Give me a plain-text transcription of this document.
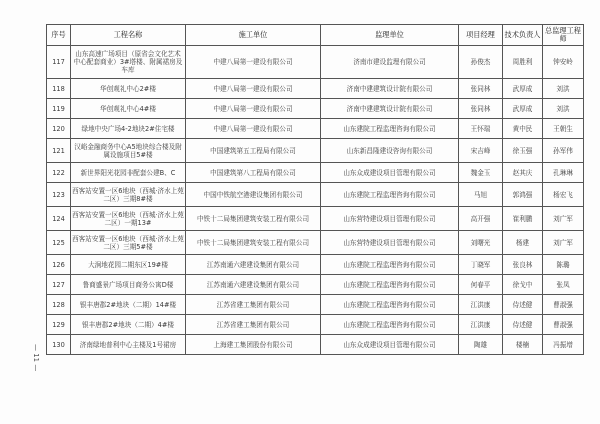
— 11 —
序号	工程名称	施工单位	监理单位	项目经理	技术负责人	总监理工程师
117	山东高速广场项目（原省会文化艺术中心配套商业）3#塔楼、附属裙房及车库	中建八局第一建设有限公司	济南市建设监理有限公司	孙俊杰	周胜利	钟安岭
118	华创观礼中心2#楼	中建八局第一建设有限公司	济南中建建筑设计院有限公司	张同林	武厚成	刘洪
119	华创观礼中心4#楼	中建八局第一建设有限公司	济南中建建筑设计院有限公司	张同林	武厚成	刘洪
120	绿地中央广场4-2地块2#住宅楼	中建八局第一建设有限公司	山东建院工程监理咨询有限公司	王怀瑞	黄中民	王朝生
121	汉峪金融商务中心A5地块综合楼及附属设施项目5#楼	中国建筑第五工程局有限公司	山东新昌隆建设咨询有限公司	宋吉峰	徐玉强	孙军伟
122	新世界阳光花园非配套公建B、C	中国建筑第八工程局有限公司	山东众成建设项目管理有限公司	魏金玉	赵其庆	孔琳琳
123	西客站安置一区6地块（西城·济水上苑二区）三期8#楼	中国中铁航空港建设集团有限公司	山东建院工程监理咨询有限公司	马旭	郭鸿强	杨宏飞
124	西客站安置一区6地块（西城·济水上苑二区）一期13#	中铁十二局集团建筑安装工程有限公司	山东营特建设项目管理有限公司	高开强	崔利鹏	刘广军
125	西客站安置一区6地块（西城·济水上苑二区）三期5#楼	中铁十二局集团建筑安装工程有限公司	山东营特建设项目管理有限公司	刘曙光	杨建	刘广军
126	大涧地花园二期东区19#楼	江苏南通六建建设集团有限公司	山东建院工程监理咨询有限公司	丁晓军	张良林	陈璐
127	鲁商盛景广场项目商务公寓D楼	江苏南通六建建设集团有限公司	山东建院工程监理咨询有限公司	何春平	徐戈中	张凤
128	银丰唐郡2#地块（二期）14#楼	江苏省建工集团有限公司	山东建院工程监理咨询有限公司	江洪康	侍述健	曹淑强
129	银丰唐郡2#地块（二期）4#楼	江苏省建工集团有限公司	山东建院工程监理咨询有限公司	江洪康	侍述健	曹淑强
130	济南绿地普利中心主楼及1号裙房	上海建工集团股份有限公司	山东众成建设项目管理有限公司	陶雄	楼楠	冯振增
